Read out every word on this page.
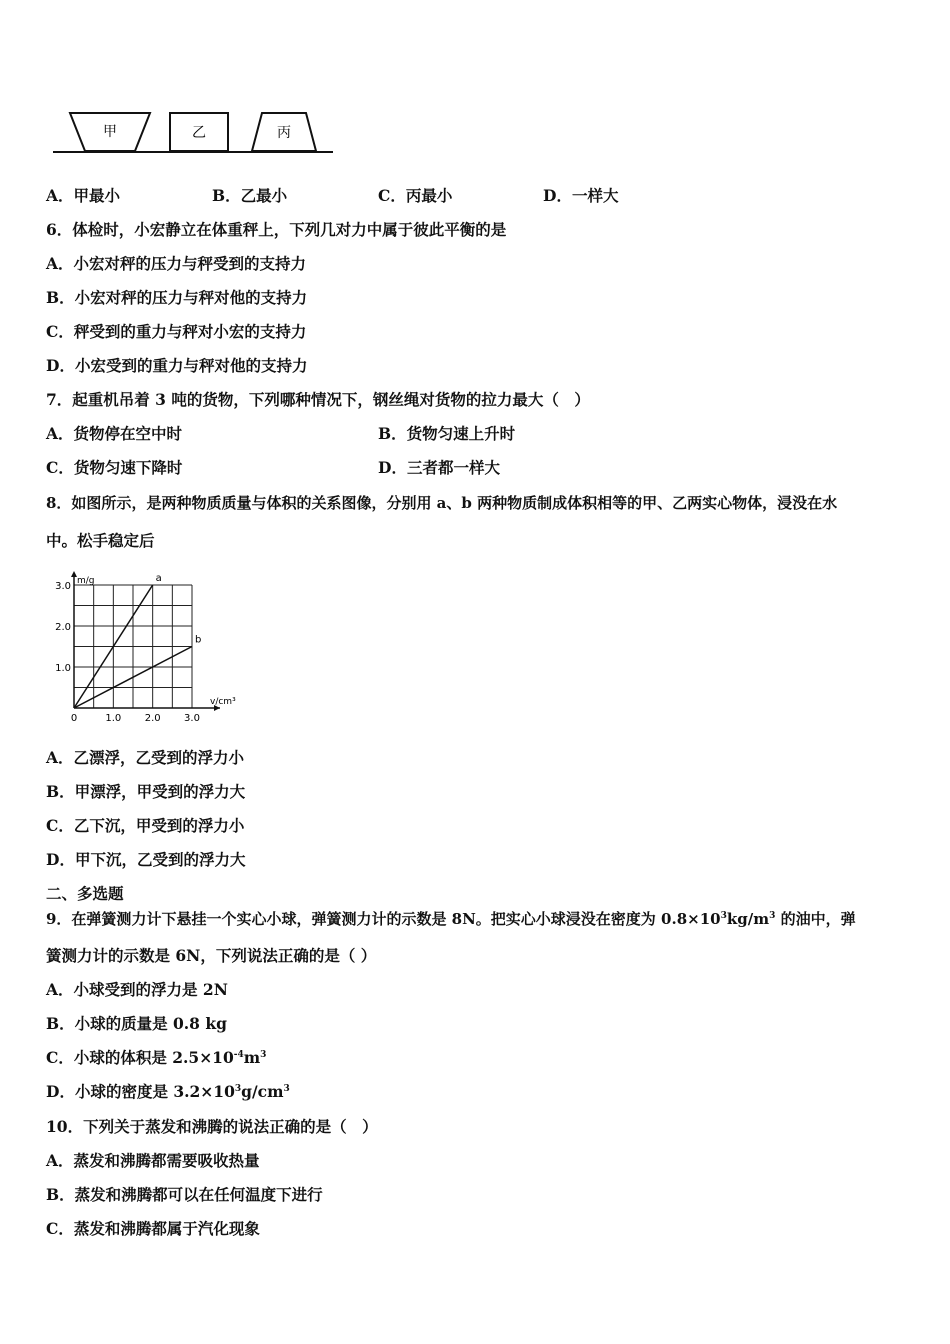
甲	乙	丙
A．甲最小	B．乙最小	C．丙最小	D．一样大
6．体检时，小宏静立在体重秤上，下列几对力中属于彼此平衡的是
A．小宏对秤的压力与秤受到的支持力
B．小宏对秤的压力与秤对他的支持力
C．秤受到的重力与秤对小宏的支持力
D．小宏受到的重力与秤对他的支持力
7．起重机吊着 3 吨的货物，下列哪种情况下，钢丝绳对货物的拉力最大（　）
A．货物停在空中时	B．货物匀速上升时
C．货物匀速下降时	D．三者都一样大
8．如图所示，是两种物质质量与体积的关系图像，分别用 a、b 两种物质制成体积相等的甲、乙两实心物体，浸没在水
中。松手稳定后
0	1.0 2.0 3.0
1.0
2.0
3.0
v/cm³
m/g	a
b
A．乙漂浮，乙受到的浮力小
B．甲漂浮，甲受到的浮力大
C．乙下沉，甲受到的浮力小
D．甲下沉，乙受到的浮力大
二、多选题
9．在弹簧测力计下悬挂一个实心小球，弹簧测力计的示数是 8N。把实心小球浸没在密度为 $0.8\times 10^3kg/m^3$ 的油中，弹
簧测力计的示数是 6N，下列说法正确的是（ ）
A．小球受到的浮力是 2N
B．小球的质量是 0.8 kg
C．小球的体积是 $2.5\times 10^{-4}m^3$
D．小球的密度是 $3.2\times 10^3g/cm^3$
10．下列关于蒸发和沸腾的说法正确的是（　）
A．蒸发和沸腾都需要吸收热量
B．蒸发和沸腾都可以在任何温度下进行
C．蒸发和沸腾都属于汽化现象
